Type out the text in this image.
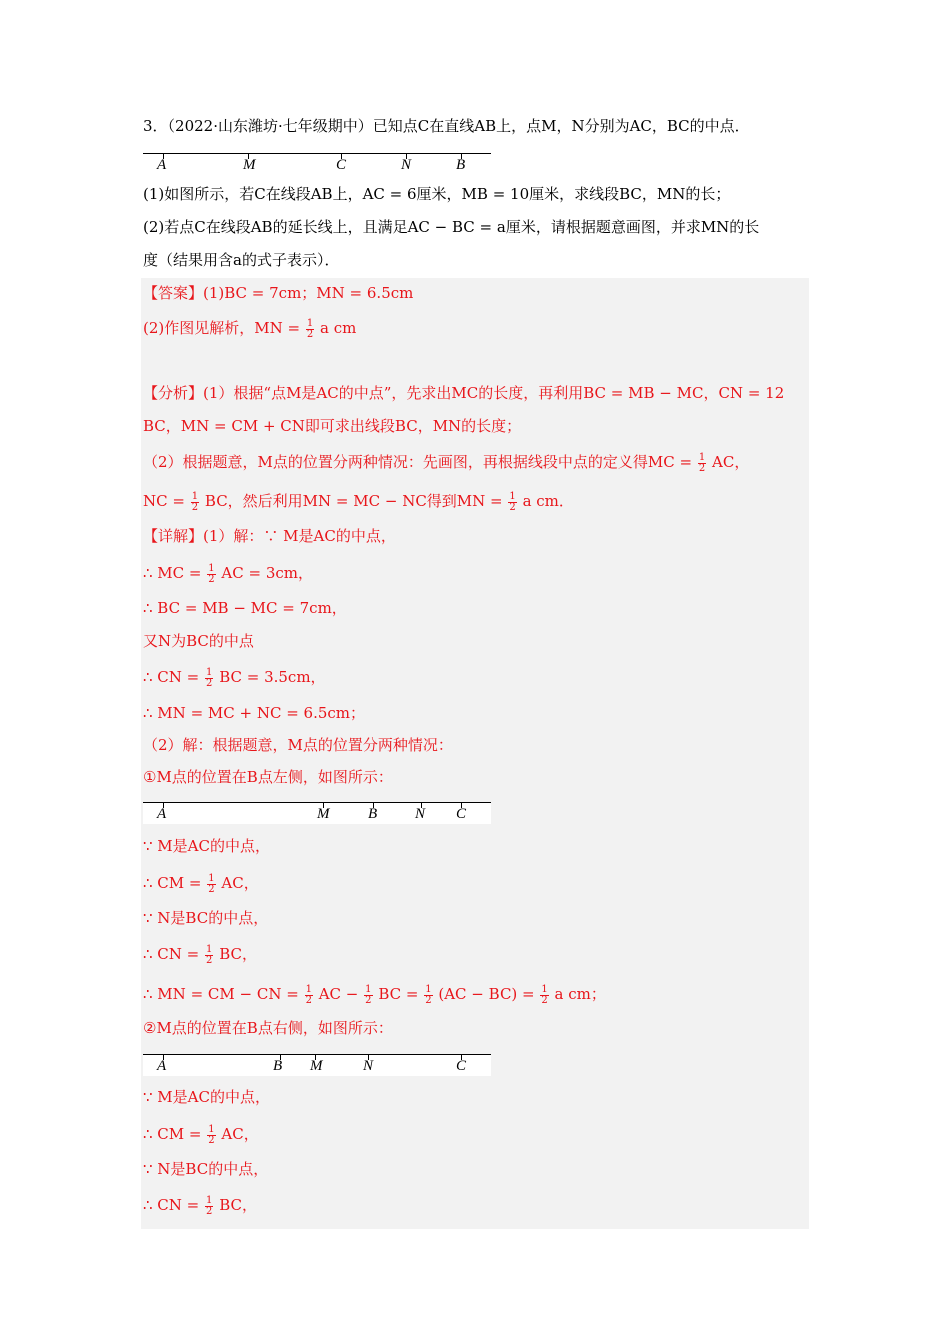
3．（2022·山东潍坊·七年级期中）已知点C在直线AB上，点M，N分别为AC，BC的中点．
A	M	C	N	B
(1)如图所示，若C在线段AB上，AC = 6厘米，MB = 10厘米，求线段BC，MN的长；
(2)若点C在线段AB的延长线上，且满足AC − BC = a厘米，请根据题意画图，并求MN的长
度（结果用含a的式子表示）．
【答案】(1)BC = 7cm；MN = 6.5cm
(2)作图见解析，MN = $\frac{1}{2}$ a cm
【分析】(1）根据“点M是AC的中点”，先求出MC的长度，再利用BC = MB − MC，CN = 12
BC，MN = CM + CN即可求出线段BC，MN的长度；
（2）根据题意，M点的位置分两种情况：先画图，再根据线段中点的定义得MC = $\frac{1}{2}$ AC，
NC = $\frac{1}{2}$ BC，然后利用MN = MC − NC得到MN = $\frac{1}{2}$ a cm．
【详解】(1）解：∵ M是AC的中点，
∴ MC = $\frac{1}{2}$ AC = 3cm，
∴ BC = MB − MC = 7cm，
又N为BC的中点
∴ CN = $\frac{1}{2}$ BC = 3.5cm，
∴ MN = MC + NC = 6.5cm；
（2）解：根据题意，M点的位置分两种情况：
①M点的位置在B点左侧，如图所示：
A	M	B	N C
∵ M是AC的中点，
∴ CM = $\frac{1}{2}$ AC，
∵ N是BC的中点，
∴ CN = $\frac{1}{2}$ BC，
∴ MN = CM − CN = $\frac{1}{2}$ AC − $\frac{1}{2}$ BC = $\frac{1}{2} (AC - BC) = \frac{1}{2}$ a cm；
②M点的位置在B点右侧，如图所示：
A	B M	N	C
∵ M是AC的中点，
∴ CM = $\frac{1}{2}$ AC，
∵ N是BC的中点，
∴ CN = $\frac{1}{2}$ BC，
